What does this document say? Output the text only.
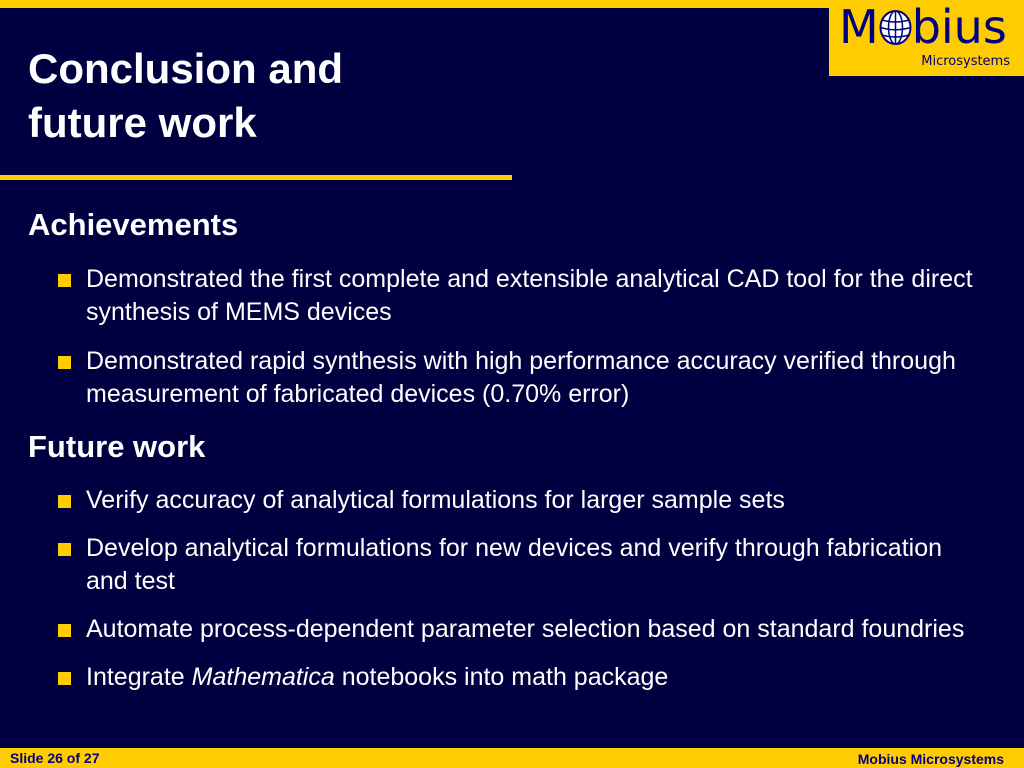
M bius
Microsystems
Conclusion and
future work
Achievements
Demonstrated the first complete and extensible analytical CAD tool for the direct synthesis of MEMS devices
Demonstrated rapid synthesis with high performance accuracy verified through measurement of fabricated devices (0.70% error)
Future work
Verify accuracy of analytical formulations for larger sample sets
Develop analytical formulations for new devices and verify through fabrication and test
Automate process-dependent parameter selection based on standard foundries
Integrate Mathematica notebooks into math package
Slide 26 of 27	Mobius Microsystems
